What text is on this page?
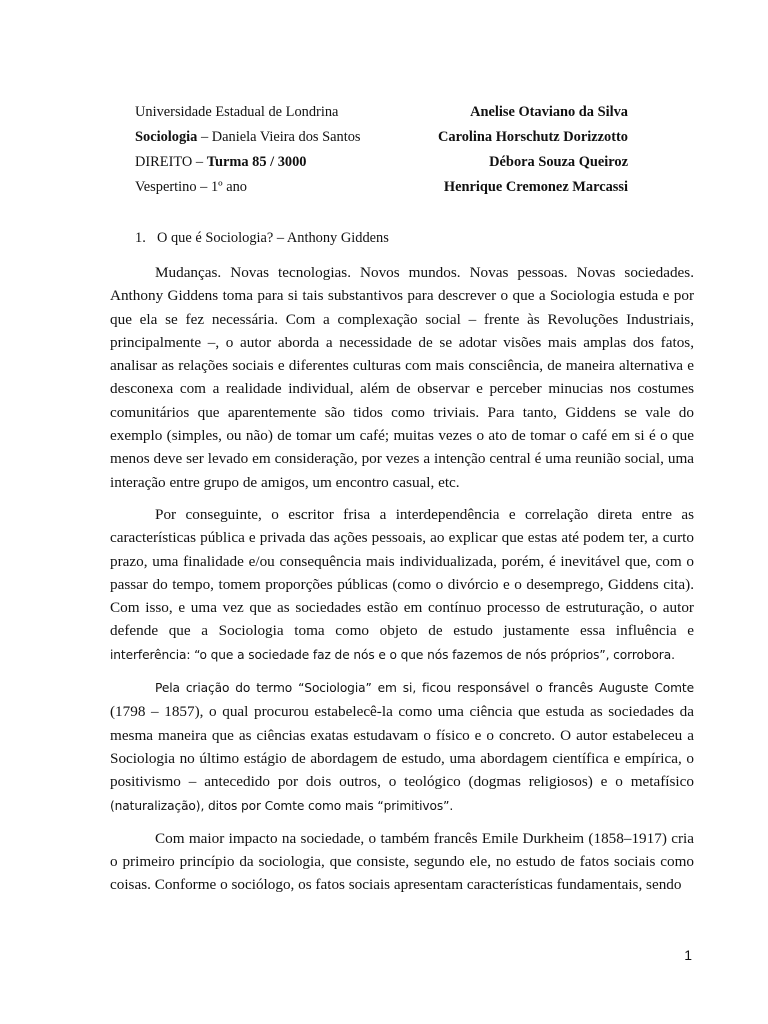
Universidade Estadual de Londrina	Anelise Otaviano da Silva
Sociologia – Daniela Vieira dos Santos	Carolina Horschutz Dorizzotto
DIREITO – Turma 85 / 3000	Débora Souza Queiroz
Vespertino – 1º ano	Henrique Cremonez Marcassi
1. O que é Sociologia? – Anthony Giddens

Mudanças. Novas tecnologias. Novos mundos. Novas pessoas. Novas sociedades. Anthony Giddens toma para si tais substantivos para descrever o que a Sociologia estuda e por que ela se fez necessária. Com a complexação social – frente às Revoluções Industriais, principalmente –, o autor aborda a necessidade de se adotar visões mais amplas dos fatos, analisar as relações sociais e diferentes culturas com mais consciência, de maneira alternativa e desconexa com a realidade individual, além de observar e perceber minucias nos costumes comunitários que aparentemente são tidos como triviais. Para tanto, Giddens se vale do exemplo (simples, ou não) de tomar um café; muitas vezes o ato de tomar o café em si é o que menos deve ser levado em consideração, por vezes a intenção central é uma reunião social, uma interação entre grupo de amigos, um encontro casual, etc.

Por conseguinte, o escritor frisa a interdependência e correlação direta entre as características pública e privada das ações pessoais, ao explicar que estas até podem ter, a curto prazo, uma finalidade e/ou consequência mais individualizada, porém, é inevitável que, com o passar do tempo, tomem proporções públicas (como o divórcio e o desemprego, Giddens cita). Com isso, e uma vez que as sociedades estão em contínuo processo de estruturação, o autor defende que a Sociologia toma como objeto de estudo justamente essa influência e interferência: “o que a sociedade faz de nós e o que nós fazemos de nós próprios”, corrobora.

Pela criação do termo “Sociologia” em si, ficou responsável o francês Auguste Comte (1798 – 1857), o qual procurou estabelecê-la como uma ciência que estuda as sociedades da mesma maneira que as ciências exatas estudavam o físico e o concreto. O autor estabeleceu a Sociologia no último estágio de abordagem de estudo, uma abordagem científica e empírica, o positivismo – antecedido por dois outros, o teológico (dogmas religiosos) e o metafísico (naturalização), ditos por Comte como mais “primitivos”.

Com maior impacto na sociedade, o também francês Emile Durkheim (1858–1917) cria o primeiro princípio da sociologia, que consiste, segundo ele, no estudo de fatos sociais como coisas. Conforme o sociólogo, os fatos sociais apresentam características fundamentais, sendo

1
